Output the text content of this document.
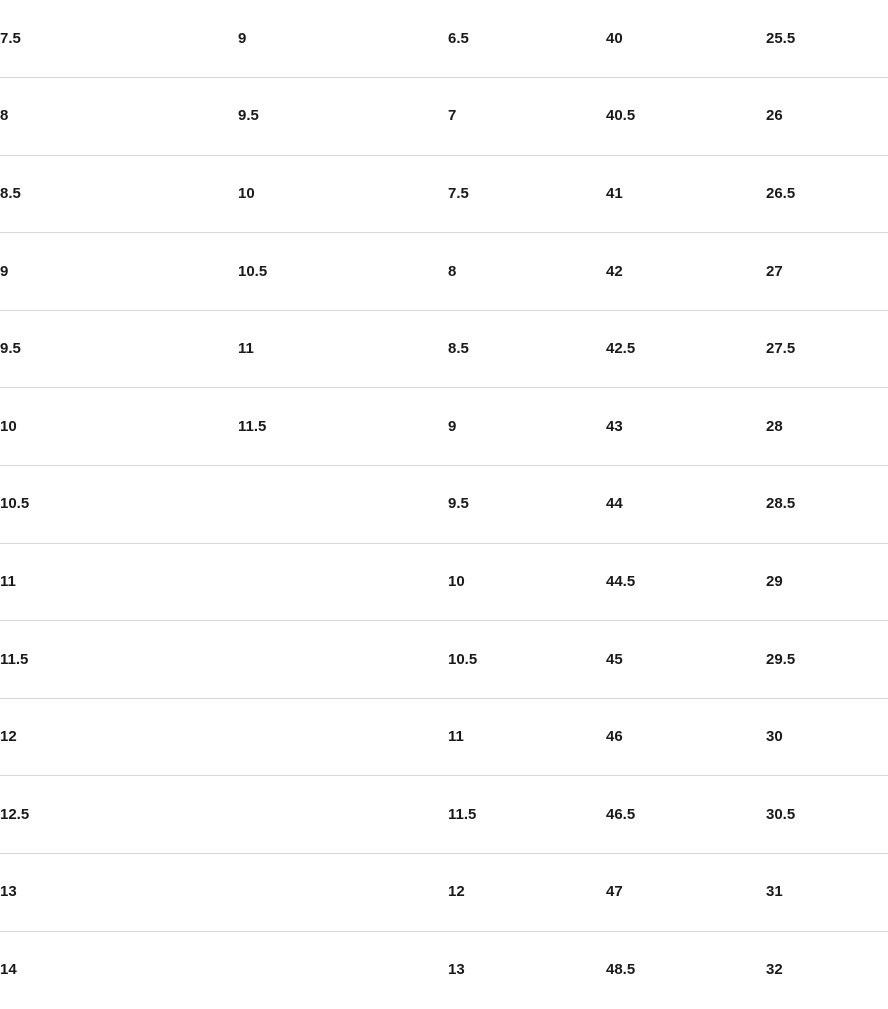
7.5	9	6.5	40	25.5
8	9.5	7	40.5	26
8.5	10	7.5	41	26.5
9	10.5	8	42	27
9.5	11	8.5	42.5	27.5
10	11.5	9	43	28
10.5		9.5	44	28.5
11		10	44.5	29
11.5		10.5	45	29.5
12		11	46	30
12.5		11.5	46.5	30.5
13		12	47	31
14		13	48.5	32
